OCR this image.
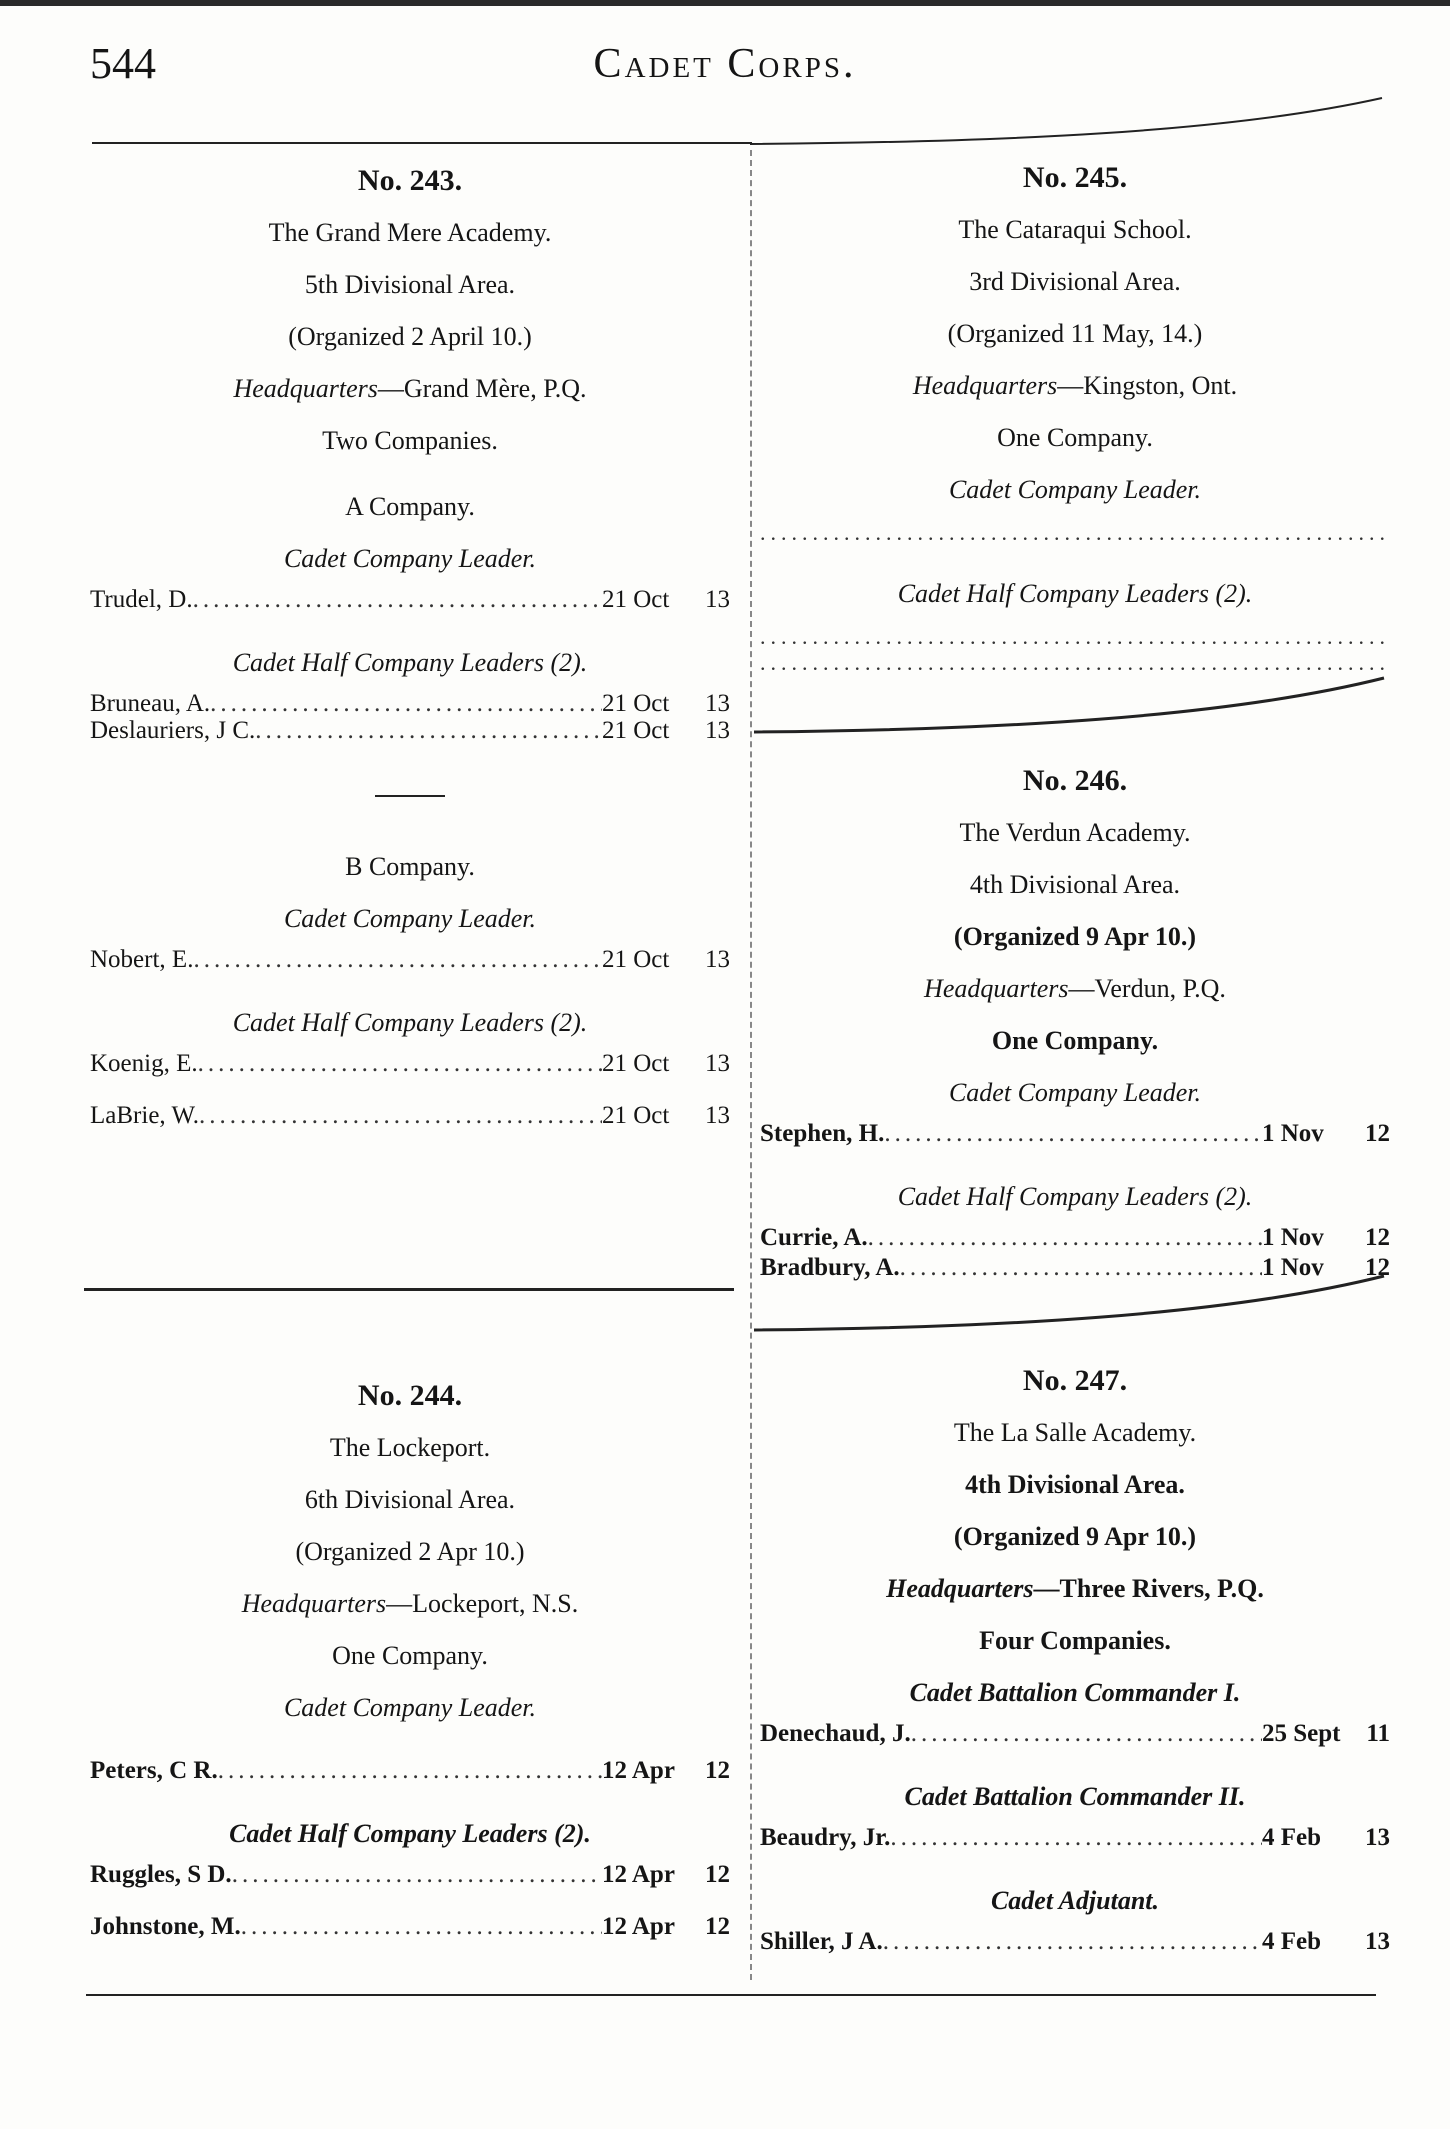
544	Cadet Corps.
No. 243.
The Grand Mere Academy.
5th Divisional Area.
(Organized 2 April 10.)
Headquarters—Grand Mère, P.Q.
Two Companies.
A Company.
Cadet Company Leader.
Trudel, D. .....	21 Oct	13
Cadet Half Company Leaders (2).
Bruneau, A. .....	21 Oct	13
Deslauriers, J C. .....	21 Oct	13
B Company.
Cadet Company Leader.
Nobert, E. .....	21 Oct	13
Cadet Half Company Leaders (2).
Koenig, E. .....	21 Oct	13
LaBrie, W. .....	21 Oct	13
No. 244.
The Lockeport.
6th Divisional Area.
(Organized 2 Apr 10.)
Headquarters—Lockeport, N.S.
One Company.
Cadet Company Leader.
Peters, C R. .....	12 Apr	12
Cadet Half Company Leaders (2).
Ruggles, S D. .....	12 Apr	12
Johnstone, M. .....	12 Apr	12
No. 245.
The Cataraqui School.
3rd Divisional Area.
(Organized 11 May, 14.)
Headquarters—Kingston, Ont.
One Company.
Cadet Company Leader.
.....
Cadet Half Company Leaders (2).
.....
.....
No. 246.
The Verdun Academy.
4th Divisional Area.
(Organized 9 Apr 10.)
Headquarters—Verdun, P.Q.
One Company.
Cadet Company Leader.
Stephen, H. .....	1 Nov	12
Cadet Half Company Leaders (2).
Currie, A. .....	1 Nov	12
Bradbury, A. .....	1 Nov	12
No. 247.
The La Salle Academy.
4th Divisional Area.
(Organized 9 Apr 10.)
Headquarters—Three Rivers, P.Q.
Four Companies.
Cadet Battalion Commander I.
Denechaud, J. .....	25 Sept	11
Cadet Battalion Commander II.
Beaudry, Jr. .....	4 Feb	13
Cadet Adjutant.
Shiller, J A. .....	4 Feb	13
